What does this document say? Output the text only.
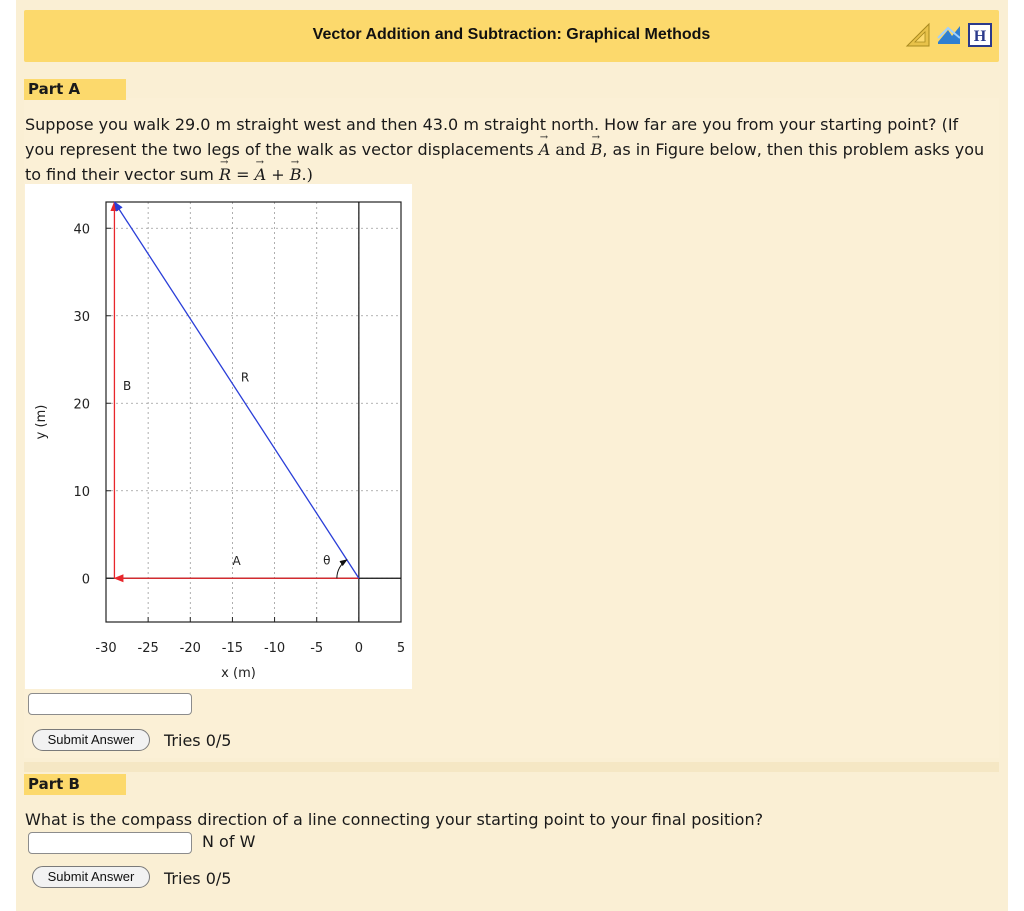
Vector Addition and Subtraction: Graphical Methods	H
Part A
Suppose you walk 29.0 m straight west and then 43.0 m straight north. How far are you from your starting point? (If
you represent the two legs of the walk as vector displacements → A and → B, as in Figure below, then this problem asks you
to find their vector sum → R = → A + → B.)
-30 -25 -20 -15 -10 -5 0	5
0
10
20
30
40
x (m)
y (m)
A
B
R
θ
Submit Answer	Tries 0/5
Part B
What is the compass direction of a line connecting your starting point to your final position?
N of W
Submit Answer	Tries 0/5
